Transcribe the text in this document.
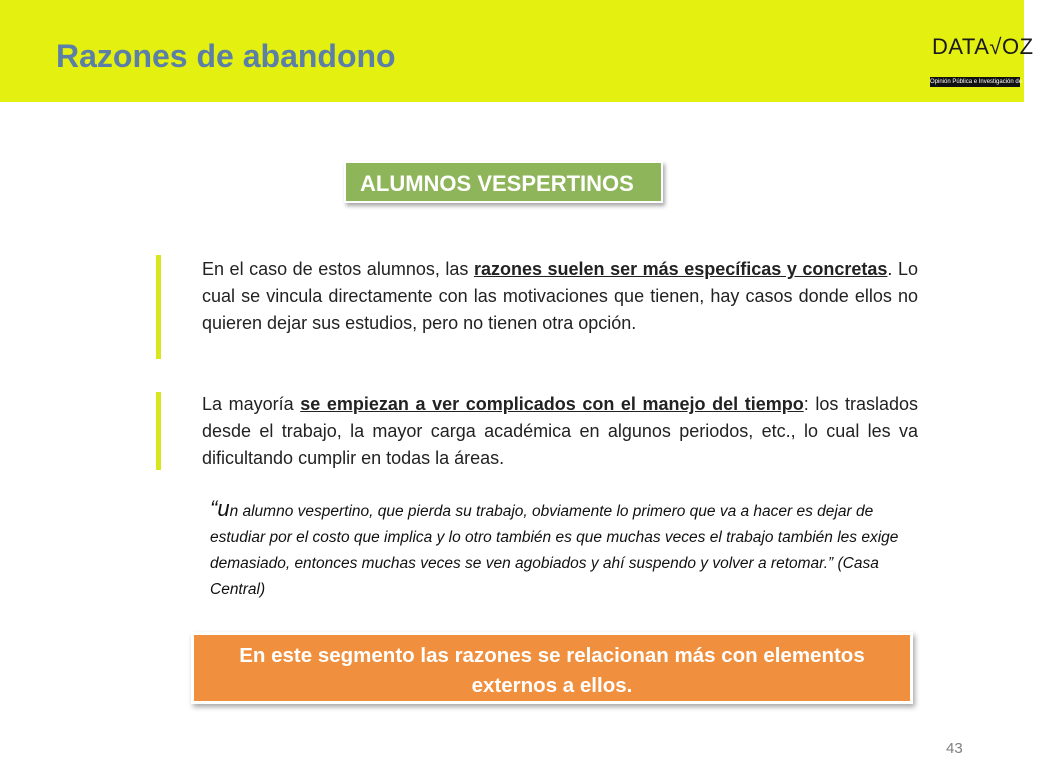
Razones de abandono	DATA√OZ
Opinión Pública e Investigación de Mercado
ALUMNOS VESPERTINOS

En el caso de estos alumnos, las razones suelen ser más específicas y concretas. Lo cual se vincula directamente con las motivaciones que tienen, hay casos donde ellos no quieren dejar sus estudios, pero no tienen otra opción.

La mayoría se empiezan a ver complicados con el manejo del tiempo: los traslados desde el trabajo, la mayor carga académica en algunos periodos, etc., lo cual les va dificultando cumplir en todas la áreas.

“un alumno vespertino, que pierda su trabajo, obviamente lo primero que va a hacer es dejar de estudiar por el costo que implica y lo otro también es que muchas veces el trabajo también les exige demasiado, entonces muchas veces se ven agobiados y ahí suspendo y volver a retomar.” (Casa Central)

En este segmento las razones se relacionan más con elementos externos a ellos.
43
